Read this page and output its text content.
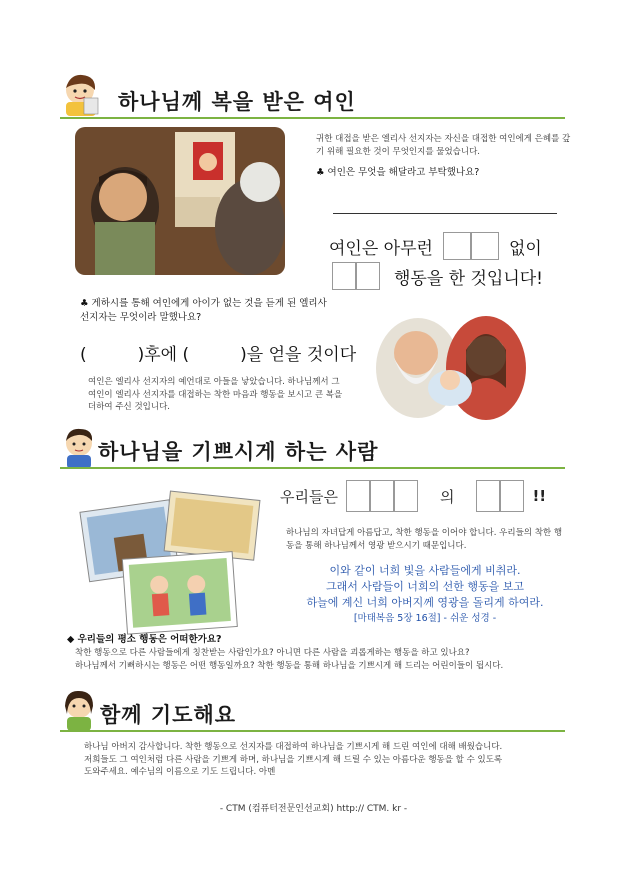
하나님께 복을 받은 여인
귀한 대접을 받은 엘리사 선지자는 자신을 대접한 여인에게 은혜를 갚기 위해 필요한 것이 무엇인지를 물었습니다.
♣ 여인은 무엇을 해달라고 부탁했나요?
여인은 아무런	없이
행동을 한 것입니다!
♣ 게하시를 통해 여인에게 아이가 없는 것을 듣게 된 엘리사 선지자는 무엇이라 말했나요?
(　　　)후에 (　　　)을 얻을 것이다
여인은 엘리사 선지자의 예언대로 아들을 낳았습니다. 하나님께서 그 여인이 엘리사 선지자를 대접하는 착한 마음과 행동을 보시고 큰 복을 더하여 주신 것입니다.
하나님을 기쁘시게 하는 사람
우리들은	의	!!
하나님의 자녀답게 아름답고, 착한 행동을 이어야 합니다. 우리들의 착한 행동을 통해 하나님께서 영광 받으시기 때문입니다.
이와 같이 너희 빛을 사람들에게 비취라.
그래서 사람들이 너희의 선한 행동을 보고
하늘에 계신 너희 아버지께 영광을 돌리게 하여라.
[마태복음 5장 16절] - 쉬운 성경 -
◆ 우리들의 평소 행동은 어떠한가요?
착한 행동으로 다른 사람들에게 칭찬받는 사람인가요? 아니면 다른 사람을 괴롭게하는 행동을 하고 있나요?
하나님께서 기뻐하시는 행동은 어떤 행동일까요? 착한 행동을 통해 하나님을 기쁘시게 해 드리는 어린이들이 됩시다.
함께 기도해요
하나님 아버지 감사합니다. 착한 행동으로 선지자를 대접하여 하나님을 기쁘시게 해 드린 여인에 대해 배웠습니다.
저희들도 그 여인처럼 다른 사람을 기쁘게 하며, 하나님을 기쁘시게 해 드릴 수 있는 아름다운 행동을 할 수 있도록
도와주세요. 예수님의 이름으로 기도 드립니다. 아멘
- CTM (컴퓨터전문인선교회) http:// CTM. kr -
